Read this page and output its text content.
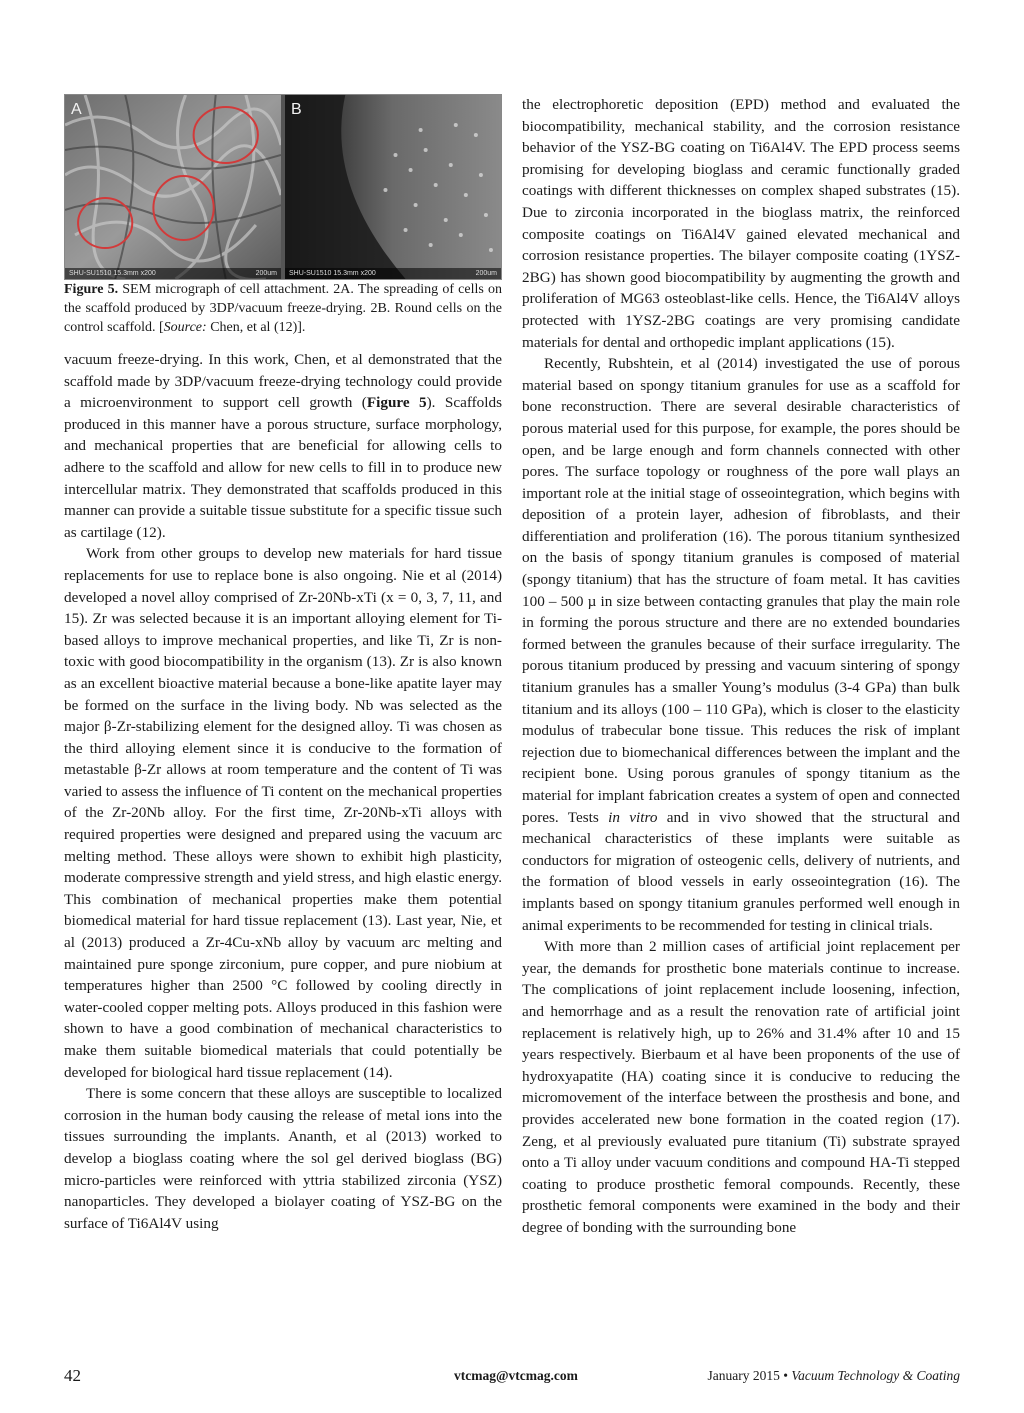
A
SHU-SU1510 15.3mm x200	200um
B
SHU-SU1510 15.3mm x200	200um

Figure 5. SEM micrograph of cell attachment. 2A. The spreading of cells on the scaffold produced by 3DP/vacuum freeze-drying. 2B. Round cells on the control scaffold. [Source: Chen, et al (12)].

vacuum freeze-drying. In this work, Chen, et al demonstrated that the scaffold made by 3DP/vacuum freeze-drying technology could provide a microenvironment to support cell growth (Figure 5). Scaffolds produced in this manner have a porous structure, surface morphology, and mechanical properties that are beneficial for allowing cells to adhere to the scaffold and allow for new cells to fill in to produce new intercellular matrix. They demonstrated that scaffolds produced in this manner can provide a suitable tissue substitute for a specific tissue such as cartilage (12).

Work from other groups to develop new materials for hard tissue replacements for use to replace bone is also ongoing. Nie et al (2014) developed a novel alloy comprised of Zr-20Nb-xTi (x = 0, 3, 7, 11, and 15). Zr was selected because it is an important alloying element for Ti-based alloys to improve mechanical properties, and like Ti, Zr is non-toxic with good biocompatibility in the organism (13). Zr is also known as an excellent bioactive material because a bone-like apatite layer may be formed on the surface in the living body. Nb was selected as the major β-Zr-stabilizing element for the designed alloy. Ti was chosen as the third alloying element since it is conducive to the formation of metastable β-Zr allows at room temperature and the content of Ti was varied to assess the influence of Ti content on the mechanical properties of the Zr-20Nb alloy. For the first time, Zr-20Nb-xTi alloys with required properties were designed and prepared using the vacuum arc melting method. These alloys were shown to exhibit high plasticity, moderate compressive strength and yield stress, and high elastic energy. This combination of mechanical properties make them potential biomedical material for hard tissue replacement (13). Last year, Nie, et al (2013) produced a Zr-4Cu-xNb alloy by vacuum arc melting and maintained pure sponge zirconium, pure copper, and pure niobium at temperatures higher than 2500 °C followed by cooling directly in water-cooled copper melting pots. Alloys produced in this fashion were shown to have a good combination of mechanical characteristics to make them suitable biomedical materials that could potentially be developed for biological hard tissue replacement (14).

There is some concern that these alloys are susceptible to localized corrosion in the human body causing the release of metal ions into the tissues surrounding the implants. Ananth, et al (2013) worked to develop a bioglass coating where the sol gel derived bioglass (BG) micro-particles were reinforced with yttria stabilized zirconia (YSZ) nanoparticles. They developed a biolayer coating of YSZ-BG on the surface of Ti6Al4V using

the electrophoretic deposition (EPD) method and evaluated the biocompatibility, mechanical stability, and the corrosion resistance behavior of the YSZ-BG coating on Ti6Al4V. The EPD process seems promising for developing bioglass and ceramic functionally graded coatings with different thicknesses on complex shaped substrates (15). Due to zirconia incorporated in the bioglass matrix, the reinforced composite coatings on Ti6Al4V gained elevated mechanical and corrosion resistance properties. The bilayer composite coating (1YSZ-2BG) has shown good biocompatibility by augmenting the growth and proliferation of MG63 osteoblast-like cells. Hence, the Ti6Al4V alloys protected with 1YSZ-2BG coatings are very promising candidate materials for dental and orthopedic implant applications (15).

Recently, Rubshtein, et al (2014) investigated the use of porous material based on spongy titanium granules for use as a scaffold for bone reconstruction. There are several desirable characteristics of porous material used for this purpose, for example, the pores should be open, and be large enough and form channels connected with other pores. The surface topology or roughness of the pore wall plays an important role at the initial stage of osseointegration, which begins with deposition of a protein layer, adhesion of fibroblasts, and their differentiation and proliferation (16). The porous titanium synthesized on the basis of spongy titanium granules is composed of material (spongy titanium) that has the structure of foam metal. It has cavities 100 – 500 µ in size between contacting granules that play the main role in forming the porous structure and there are no extended boundaries formed between the granules because of their surface irregularity. The porous titanium produced by pressing and vacuum sintering of spongy titanium granules has a smaller Young’s modulus (3-4 GPa) than bulk titanium and its alloys (100 – 110 GPa), which is closer to the elasticity modulus of trabecular bone tissue. This reduces the risk of implant rejection due to biomechanical differences between the implant and the recipient bone. Using porous granules of spongy titanium as the material for implant fabrication creates a system of open and connected pores. Tests in vitro and in vivo showed that the structural and mechanical characteristics of these implants were suitable as conductors for migration of osteogenic cells, delivery of nutrients, and the formation of blood vessels in early osseointegration (16). The implants based on spongy titanium granules performed well enough in animal experiments to be recommended for testing in clinical trials.

With more than 2 million cases of artificial joint replacement per year, the demands for prosthetic bone materials continue to increase. The complications of joint replacement include loosening, infection, and hemorrhage and as a result the renovation rate of artificial joint replacement is relatively high, up to 26% and 31.4% after 10 and 15 years respectively. Bierbaum et al have been proponents of the use of hydroxyapatite (HA) coating since it is conducive to reducing the micromovement of the interface between the prosthesis and bone, and provides accelerated new bone formation in the coated region (17). Zeng, et al previously evaluated pure titanium (Ti) substrate sprayed onto a Ti alloy under vacuum conditions and compound HA-Ti stepped coating to produce prosthetic femoral compounds. Recently, these prosthetic femoral components were examined in the body and their degree of bonding with the surrounding bone

42	vtcmag@vtcmag.com	January 2015 • Vacuum Technology & Coating
